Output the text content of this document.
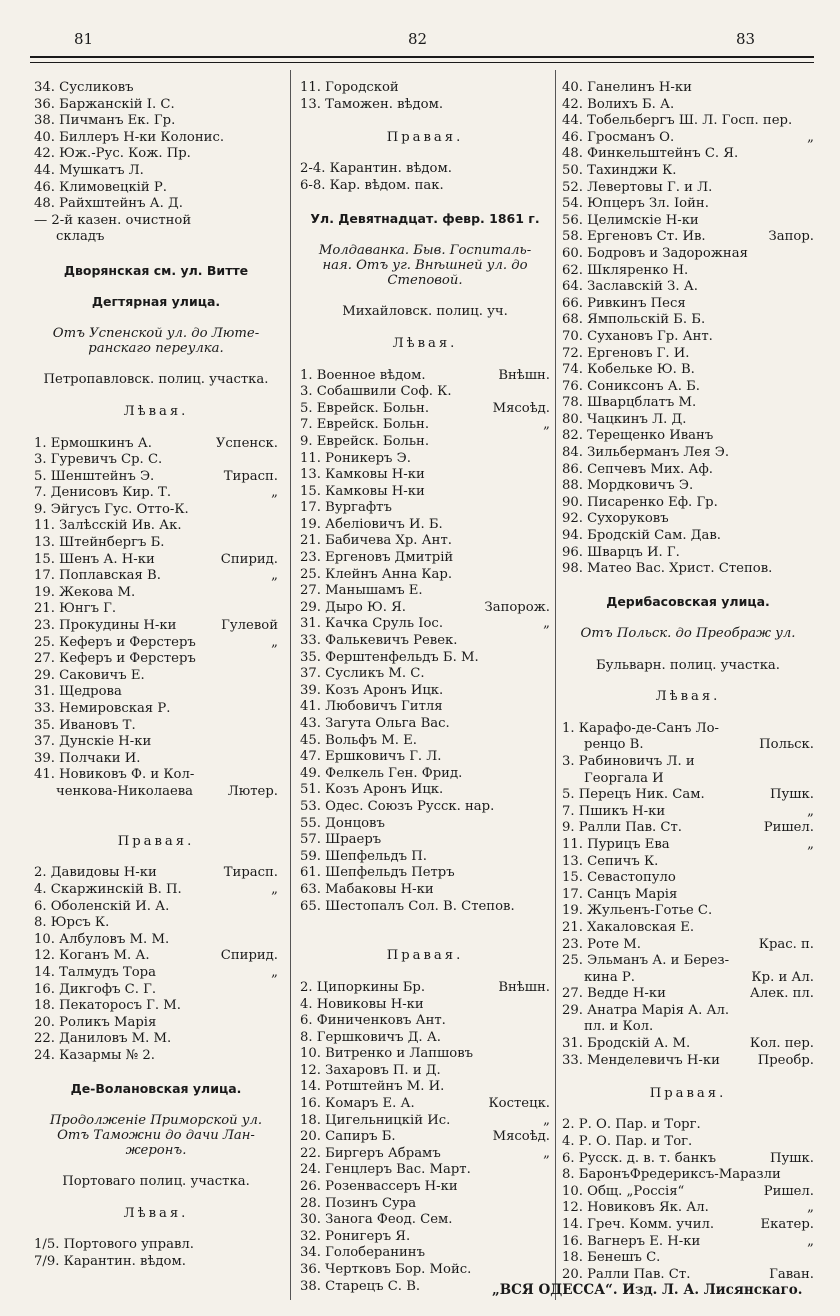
81	82	83
34. Сусликовъ
36. Баржанскій І. С.
38. Пичманъ Ек. Гр.
40. Биллеръ Н-ки Колонис.
42. Юж.-Рус. Кож. Пр.
44. Мушкатъ Л.
46. Климовецкій Р.
48. Райхштейнъ А. Д.
— 2-й казен. очистной
складъ
Дворянская см. ул. Витте
Дегтярная улица.
Отъ Успенской ул. до Люте-
ранскаго переулка.
Петропавловск. полиц. участка.
Лѣвая.
1. Ермошкинъ А.	Успенск.
3. Гуревичъ Ср. С.
5. Шенштейнъ Э.	Тирасп.
7. Денисовъ Кир. Т.	„
9. Эйгусъ Гус. Отто-К.
11. Залѣсскій Ив. Ак.
13. Штейнбергъ Б.
15. Шенъ А. Н-ки	Спирид.
17. Поплавская В.	„
19. Жекова М.
21. Юнгъ Г.
23. Прокудины Н-ки	Гулевой
25. Кеферъ и Ферстеръ	„
27. Кеферъ и Ферстеръ
29. Саковичъ Е.
31. Щедрова
33. Немировская Р.
35. Ивановъ Т.
37. Дунскіе Н-ки
39. Полчаки И.
41. Новиковъ Ф. и Кол-
ченкова-Николаева	Лютер.
Правая.
2. Давидовы Н-ки	Тирасп.
4. Скаржинскій В. П.	„
6. Оболенскій И. А.
8. Юрсъ К.
10. Албуловъ М. М.
12. Коганъ М. А.	Спирид.
14. Талмудъ Тора	„
16. Дикгофъ С. Г.
18. Пекаторосъ Г. М.
20. Роликъ Марія
22. Даниловъ М. М.
24. Казармы № 2.
Де-Волановская улица.
Продолженіе Приморской ул.
Отъ Таможни до дачи Лан-
жеронъ.
Портоваго полиц. участка.
Лѣвая.
1/5. Портового управл.
7/9. Карантин. вѣдом.
11. Городской
13. Таможен. вѣдом.
Правая.
2-4. Карантин. вѣдом.
6-8. Кар. вѣдом. пак.
Ул. Девятнадцат. февр. 1861 г.
Молдаванка. Быв. Госпиталь-
ная. Отъ уг. Внѣшней ул. до
Степовой.
Михайловск. полиц. уч.
Лѣвая.
1. Военное вѣдом.	Внѣшн.
3. Собашвили Соф. К.
5. Еврейск. Больн.	Мясоѣд.
7. Еврейск. Больн.	„
9. Еврейск. Больн.
11. Роникеръ Э.
13. Камковы Н-ки
15. Камковы Н-ки
17. Вургафтъ
19. Абеліовичъ И. Б.
21. Бабичева Хр. Ант.
23. Ергеновъ Дмитрій
25. Клейнъ Анна Кар.
27. Манышамъ Е.
29. Дыро Ю. Я.	Запорож.
31. Качка Сруль Іос.	„
33. Фалькевичъ Ревек.
35. Ферштенфельдъ Б. М.
37. Сусликъ М. С.
39. Козъ Аронъ Ицк.
41. Любовичъ Гитля
43. Загута Ольга Вас.
45. Вольфъ М. Е.
47. Ершковичъ Г. Л.
49. Фелкель Ген. Фрид.
51. Козъ Аронъ Ицк.
53. Одес. Союзъ Русск. нар.
55. Донцовъ
57. Шраеръ
59. Шепфельдъ П.
61. Шепфельдъ Петръ
63. Мабаковы Н-ки
65. Шестопалъ Сол. В. Степов.
Правая.
2. Ципоркины Бр.	Внѣшн.
4. Новиковы Н-ки
6. Финиченковъ Ант.
8. Гершковичъ Д. А.
10. Витренко и Лапшовъ
12. Захаровъ П. и Д.
14. Ротштейнъ М. И.
16. Комаръ Е. А.	Костецк.
18. Цигельницкій Ис.	„
20. Сапиръ Б.	Мясоѣд.
22. Биргеръ Абрамъ	„
24. Генцлеръ Вас. Март.
26. Розенвассеръ Н-ки
28. Позинъ Сура
30. Занога Феод. Сем.
32. Ронигеръ Я.
34. Голоберанинъ
36. Чертковъ Бор. Мойс.
38. Старецъ С. В.
40. Ганелинъ Н-ки
42. Волихъ Б. А.
44. Тобельбергъ Ш. Л. Госп. пер.
46. Гросманъ О.	„
48. Финкельштейнъ С. Я.
50. Тахинджи К.
52. Левертовы Г. и Л.
54. Юпцеръ Зл. Іойн.
56. Целимскіе Н-ки
58. Ергеновъ Ст. Ив.	Запор.
60. Бодровъ и Задорожная
62. Шкляренко Н.
64. Заславскій З. А.
66. Ривкинъ Песя
68. Ямпольскій Б. Б.
70. Сухановъ Гр. Ант.
72. Ергеновъ Г. И.
74. Кобелькe Ю. В.
76. Сониксонъ А. Б.
78. Шварцблатъ М.
80. Чацкинъ Л. Д.
82. Терещенко Иванъ
84. Зильберманъ Лея Э.
86. Сепчевъ Мих. Аф.
88. Мордковичъ Э.
90. Писаренко Еф. Гр.
92. Сухоруковъ
94. Бродскій Сам. Дав.
96. Шварцъ И. Г.
98. Матео Вас. Христ. Степов.
Дерибасовская улица.
Отъ Польск. до Преображ ул.
Бульварн. полиц. участка.
Лѣвая.
1. Карафо-де-Санъ Ло-
ренцо В.	Польск.
3. Рабиновичъ Л. и
Георгала И
5. Перецъ Ник. Сам.	Пушк.
7. Пшикъ Н-ки	„
9. Ралли Пав. Ст.	Ришел.
11. Пурицъ Ева	„
13. Сепичъ К.
15. Севастопуло
17. Санцъ Марія
19. Жульенъ-Готье С.
21. Хакаловская Е.
23. Роте М.	Крас. п.
25. Эльманъ А. и Берез-
кина Р.	Кр. и Ал.
27. Ведде Н-ки	Алек. пл.
29. Анатра Марія А. Ал.
пл. и Кол.
31. Бродскій А. М.	Кол. пер.
33. Менделевичъ Н-ки	Преобр.
Правая.
2. Р. О. Пар. и Торг.
4. Р. О. Пар. и Тог.
6. Русск. д. в. т. банкъ	Пушк.
8. БаронъФредериксъ-Маразли
10. Общ. „Россія“	Ришел.
12. Новиковъ Як. Ал.	„
14. Греч. Комм. учил.	Екатер.
16. Вагнеръ Е. Н-ки	„
18. Бенешъ С.
20. Ралли Пав. Ст.	Гаван.
„ВСЯ ОДЕССА“. Изд. Л. А. Лисянскаго.
